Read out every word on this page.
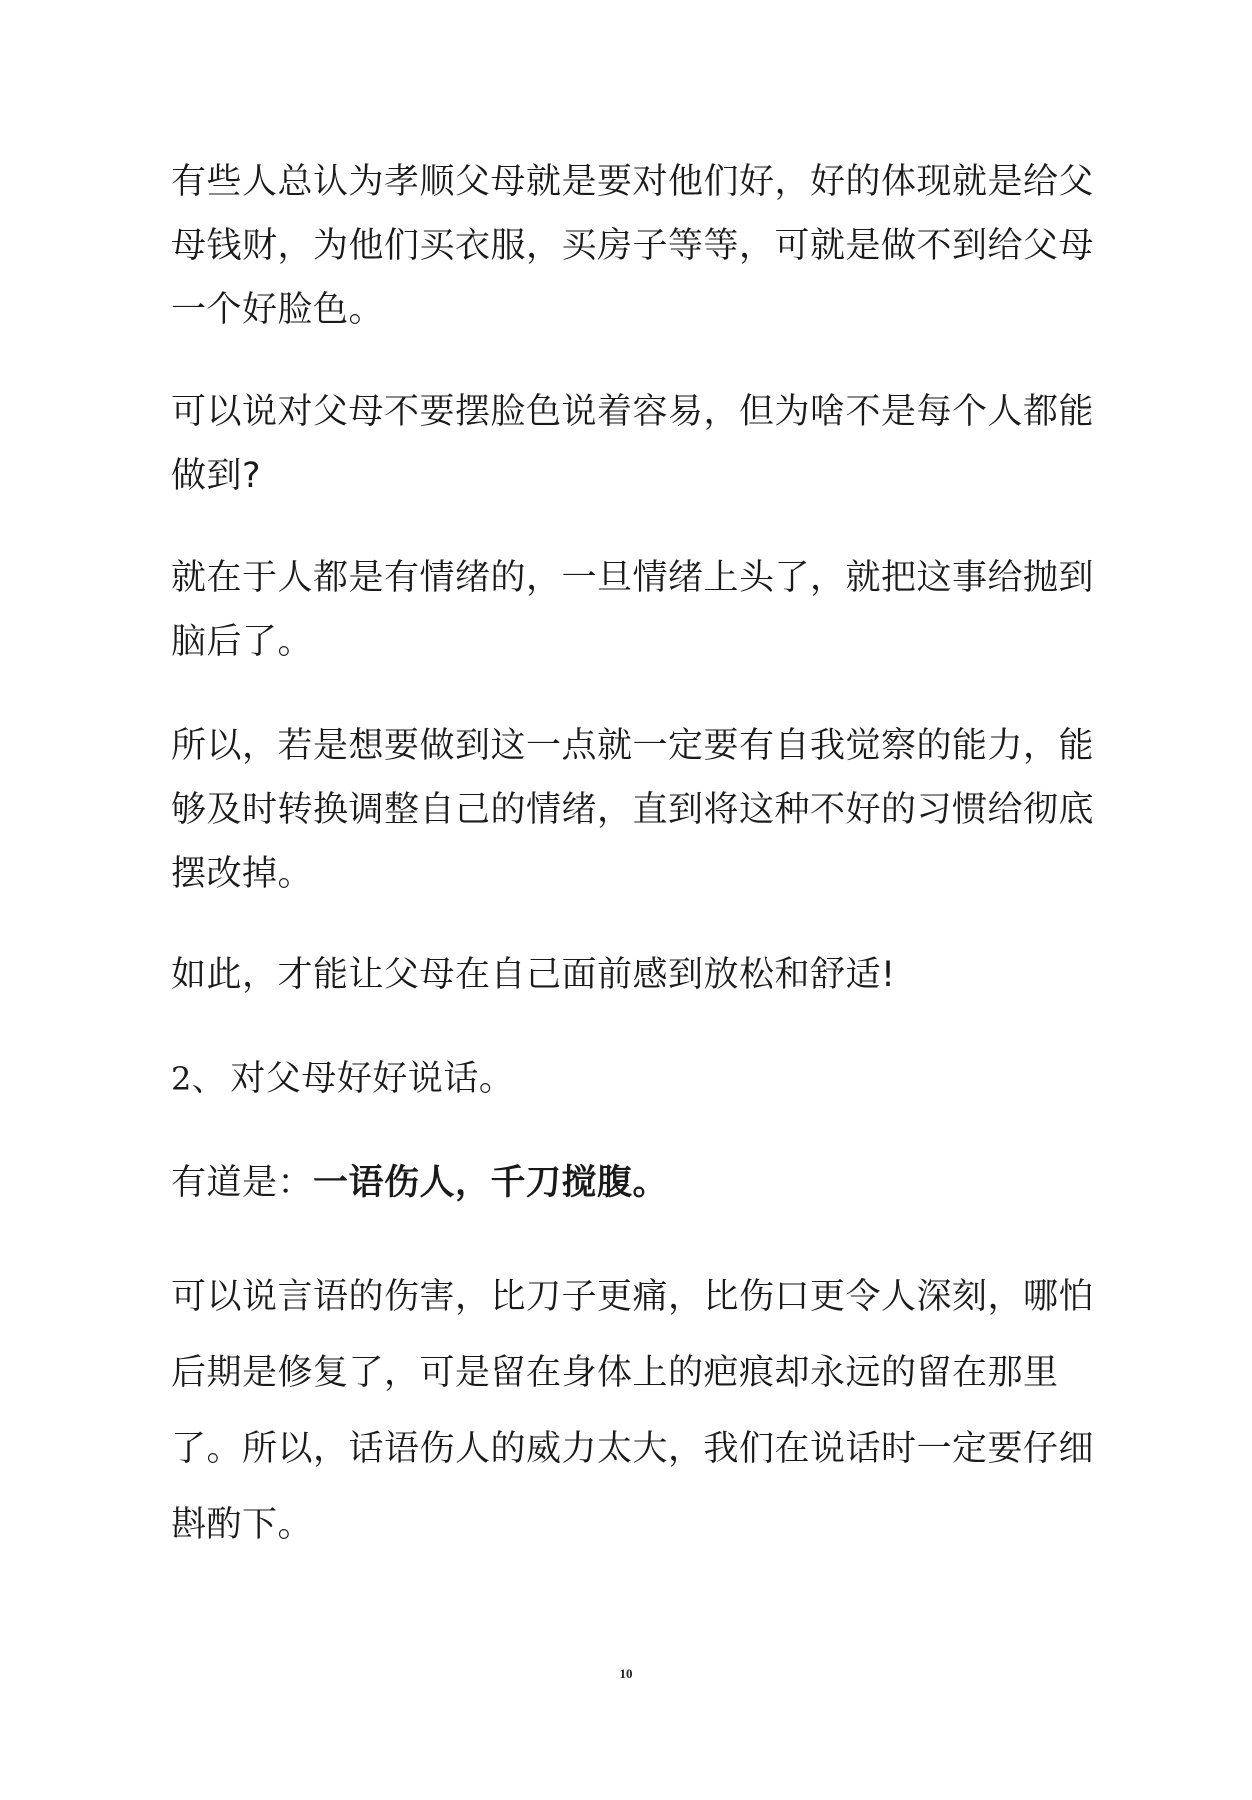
有些人总认为孝顺父母就是要对他们好，好的体现就是给父母钱财，为他们买衣服，买房子等等，可就是做不到给父母一个好脸色。

可以说对父母不要摆脸色说着容易，但为啥不是每个人都能做到?

就在于人都是有情绪的，一旦情绪上头了，就把这事给抛到脑后了。

所以，若是想要做到这一点就一定要有自我觉察的能力，能够及时转换调整自己的情绪，直到将这种不好的习惯给彻底摆改掉。

如此，才能让父母在自己面前感到放松和舒适!

2、 对父母好好说话。

有道是：一语伤人，千刀搅腹。

可以说言语的伤害，比刀子更痛，比伤口更令人深刻，哪怕后期是修复了，可是留在身体上的疤痕却永远的留在那里了。所以，话语伤人的威力太大，我们在说话时一定要仔细斟酌下。

10
